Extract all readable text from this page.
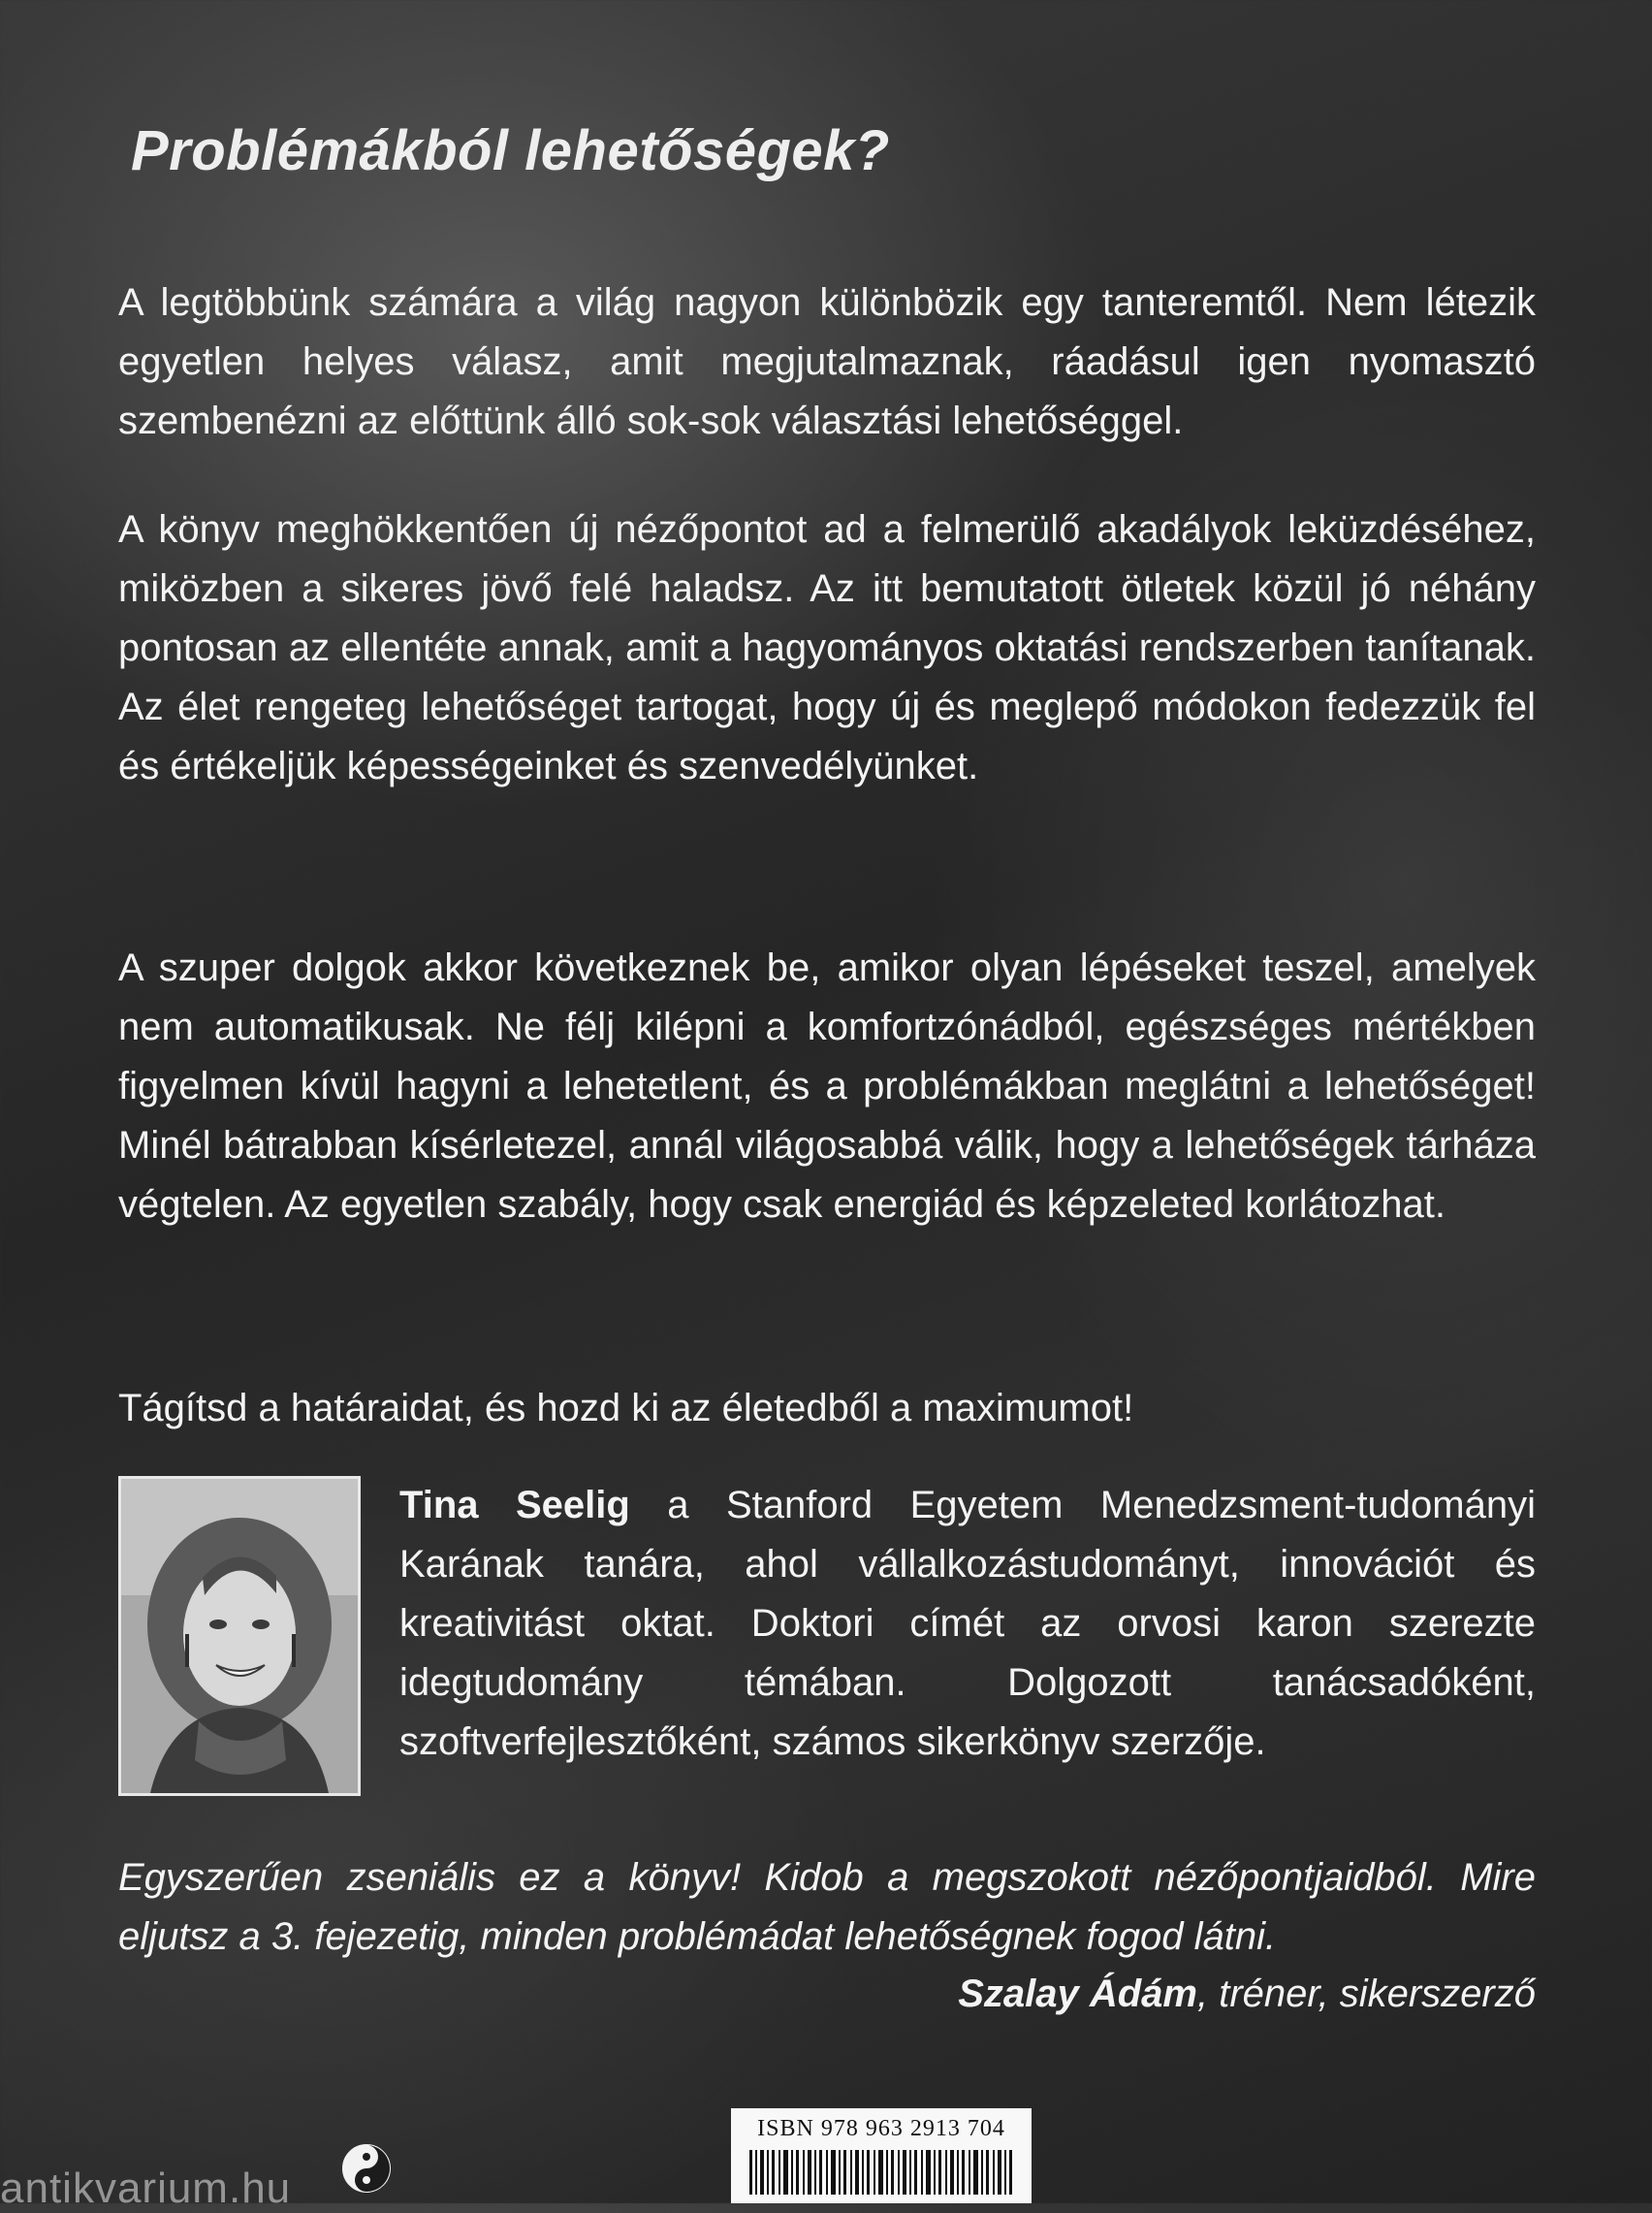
Problémákból lehetőségek?

A legtöbbünk számára a világ nagyon különbözik egy tanteremtől. Nem létezik egyetlen helyes válasz, amit megjutalmaznak, ráadásul igen nyomasztó szembenézni az előttünk álló sok-sok választási lehetőséggel.

A könyv meghökkentően új nézőpontot ad a felmerülő akadályok leküzdéséhez, miközben a sikeres jövő felé haladsz. Az itt bemutatott ötletek közül jó néhány pontosan az ellentéte annak, amit a hagyományos oktatási rendszerben tanítanak. Az élet rengeteg lehetőséget tartogat, hogy új és meglepő módokon fedezzük fel és értékeljük képességeinket és szenvedélyünket.

A szuper dolgok akkor következnek be, amikor olyan lépéseket teszel, amelyek nem automatikusak. Ne félj kilépni a komfortzónádból, egészséges mértékben figyelmen kívül hagyni a lehetetlent, és a problémákban meglátni a lehetőséget! Minél bátrabban kísérletezel, annál világosabbá válik, hogy a lehetőségek tárháza végtelen. Az egyetlen szabály, hogy csak energiád és képzeleted korlátozhat.

Tágítsd a határaidat, és hozd ki az életedből a maximumot!

Tina Seelig a Stanford Egyetem Menedzsment-tudományi Karának tanára, ahol vállalkozástudományt, innovációt és kreativitást oktat. Doktori címét az orvosi karon szerezte idegtudomány témában. Dolgozott tanácsadóként, szoftverfejlesztőként, számos sikerkönyv szerzője.

Egyszerűen zseniális ez a könyv! Kidob a megszokott nézőpontjaidból. Mire eljutsz a 3. fejezetig, minden problémádat lehetőségnek fogod látni.

Szalay Ádám, tréner, sikerszerző
antikvarium.hu
ISBN 978 963 2913 704
